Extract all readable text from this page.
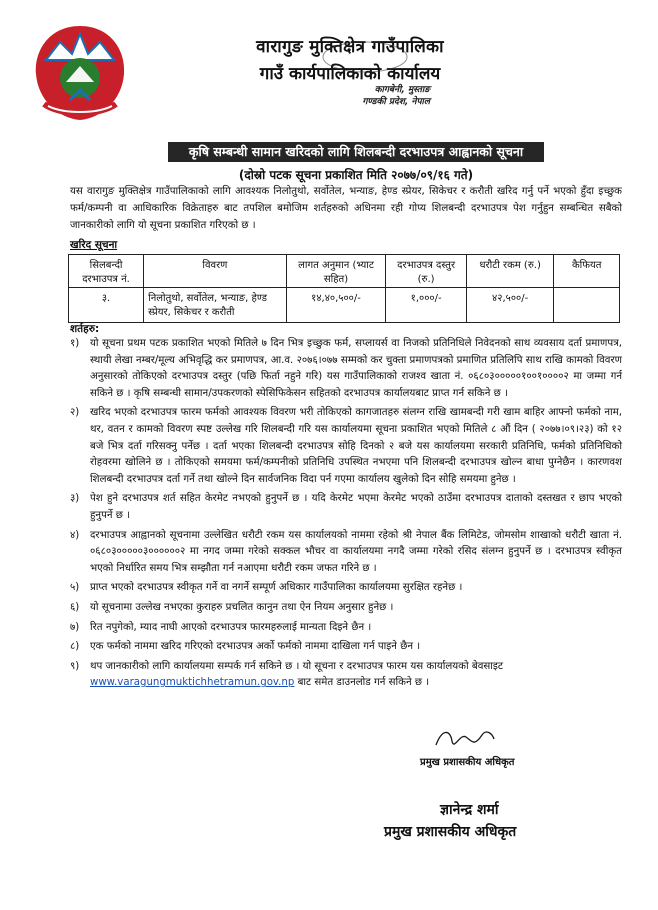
वारागुङ मुक्तिक्षेत्र गाउँपालिका
गाउँ कार्यपालिकाको कार्यालय
कागबेनी, मुस्ताङ
गण्डकी प्रदेश, नेपाल
कृषि सम्बन्धी सामान खरिदको लागि शिलबन्दी दरभाउपत्र आह्वानको सूचना
(दोस्रो पटक सूचना प्रकाशित मिति २०७७/०९/१६ गते)
यस वारागुङ मुक्तिक्षेत्र गाउँपालिकाको लागि आवश्यक निलोतुथो, सर्वोतेल, भन्याङ, हेण्ड स्प्रेयर, सिकेचर र करौती खरिद गर्नु पर्ने भएको हुँदा इच्छुक फर्म/कम्पनी वा आधिकारिक विक्रेताहरु बाट तपशिल बमोजिम शर्तहरुको अधिनमा रही गोप्य शिलबन्दी दरभाउपत्र पेश गर्नुहुन सम्बन्धित सबैको जानकारीको लागि यो सूचना प्रकाशित गरिएको छ ।
खरिद सूचना
सिलबन्दी दरभाउपत्र नं.	विवरण	लागत अनुमान (भ्याट सहित)	दरभाउपत्र दस्तुर (रु.)	धरौटी रकम (रु.)	कैफियत
३.	निलोतुथो, सर्वोतेल, भन्याङ, हेण्ड स्प्रेयर, सिकेचर र करौती	१४,४०,५००/-	१,०००/-	४२,५००/-	
शर्तहरु:
१)	यो सूचना प्रथम पटक प्रकाशित भएको मितिले ७ दिन भित्र इच्छुक फर्म, सप्लायर्स वा निजको प्रतिनिधिले निवेदनको साथ व्यवसाय दर्ता प्रमाणपत्र, स्थायी लेखा नम्बर/मूल्य अभिवृद्धि कर प्रमाणपत्र, आ.व. २०७६।०७७ सम्मको कर चुक्ता प्रमाणपत्रको प्रमाणित प्रतिलिपि साथ राखि कामको विवरण अनुसारको तोकिएको दरभाउपत्र दस्तुर (पछि फिर्ता नहुने गरि) यस गाउँपालिकाको राजश्व खाता नं. ०६८०३०००००१००१००००२ मा जम्मा गर्न सकिने छ । कृषि सम्बन्धी सामान/उपकरणको स्पेसिफिकेसन सहितको दरभाउपत्र कार्यालयबाट प्राप्त गर्न सकिने छ ।
२)	खरिद भएको दरभाउपत्र फारम फर्मको आवश्यक विवरण भरी तोकिएको कागजातहरु संलग्न राखि खामबन्दी गरी खाम बाहिर आफ्नो फर्मको नाम, थर, वतन र कामको विवरण स्पष्ट उल्लेख गरि शिलबन्दी गरि यस कार्यालयमा सूचना प्रकाशित भएको मितिले ८ औं दिन ( २०७७।०९।२३) को १२ बजे भित्र दर्ता गरिसक्नु पर्नेछ । दर्ता भएका शिलबन्दी दरभाउपत्र सोहि दिनको २ बजे यस कार्यालयमा सरकारी प्रतिनिधि, फर्मको प्रतिनिधिको रोहवरमा खोलिने छ । तोकिएको समयमा फर्म/कम्पनीको प्रतिनिधि उपस्थित नभएमा पनि शिलबन्दी दरभाउपत्र खोल्न बाधा पुग्नेछैन । कारणवश शिलबन्दी दरभाउपत्र दर्ता गर्ने तथा खोल्ने दिन सार्वजनिक विदा पर्न गएमा कार्यालय खुलेको दिन सोहि समयमा हुनेछ ।
३)	पेश हुने दरभाउपत्र शर्त सहित केरमेट नभएको हुनुपर्ने छ । यदि केरमेट भएमा केरमेट भएको ठाउँमा दरभाउपत्र दाताको दस्तखत र छाप भएको हुनुपर्ने छ ।
४)	दरभाउपत्र आह्वानको सूचनामा उल्लेखित धरौटी रकम यस कार्यालयको नाममा रहेको श्री नेपाल बैंक लिमिटेड, जोमसोम शाखाको धरौटी खाता नं. ०६८०३०००००३००००००२ मा नगद जम्मा गरेको सक्कल भौचर वा कार्यालयमा नगदै जम्मा गरेको रसिद संलग्न हुनुपर्ने छ । दरभाउपत्र स्वीकृत भएको निर्धारित समय भित्र सम्झौता गर्न नआएमा धरौटी रकम जफत गरिने छ ।
५)	प्राप्त भएको दरभाउपत्र स्वीकृत गर्ने वा नगर्ने सम्पूर्ण अधिकार गाउँपालिका कार्यालयमा सुरक्षित रहनेछ ।
६)	यो सूचनामा उल्लेख नभएका कुराहरु प्रचलित कानुन तथा ऐन नियम अनुसार हुनेछ ।
७)	रित नपुगेको, म्याद नाघी आएको दरभाउपत्र फारमहरुलाई मान्यता दिइने छैन ।
८)	एक फर्मको नाममा खरिद गरिएको दरभाउपत्र अर्को फर्मको नाममा दाखिला गर्न पाइने छैन ।
९)	थप जानकारीको लागि कार्यालयमा सम्पर्क गर्न सकिने छ । यो सूचना र दरभाउपत्र फारम यस कार्यालयको बेवसाइट
www.varagungmuktichhetramun.gov.np बाट समेत डाउनलोड गर्न सकिने छ ।
प्रमुख प्रशासकीय अधिकृत
ज्ञानेन्द्र शर्मा
प्रमुख प्रशासकीय अधिकृत
